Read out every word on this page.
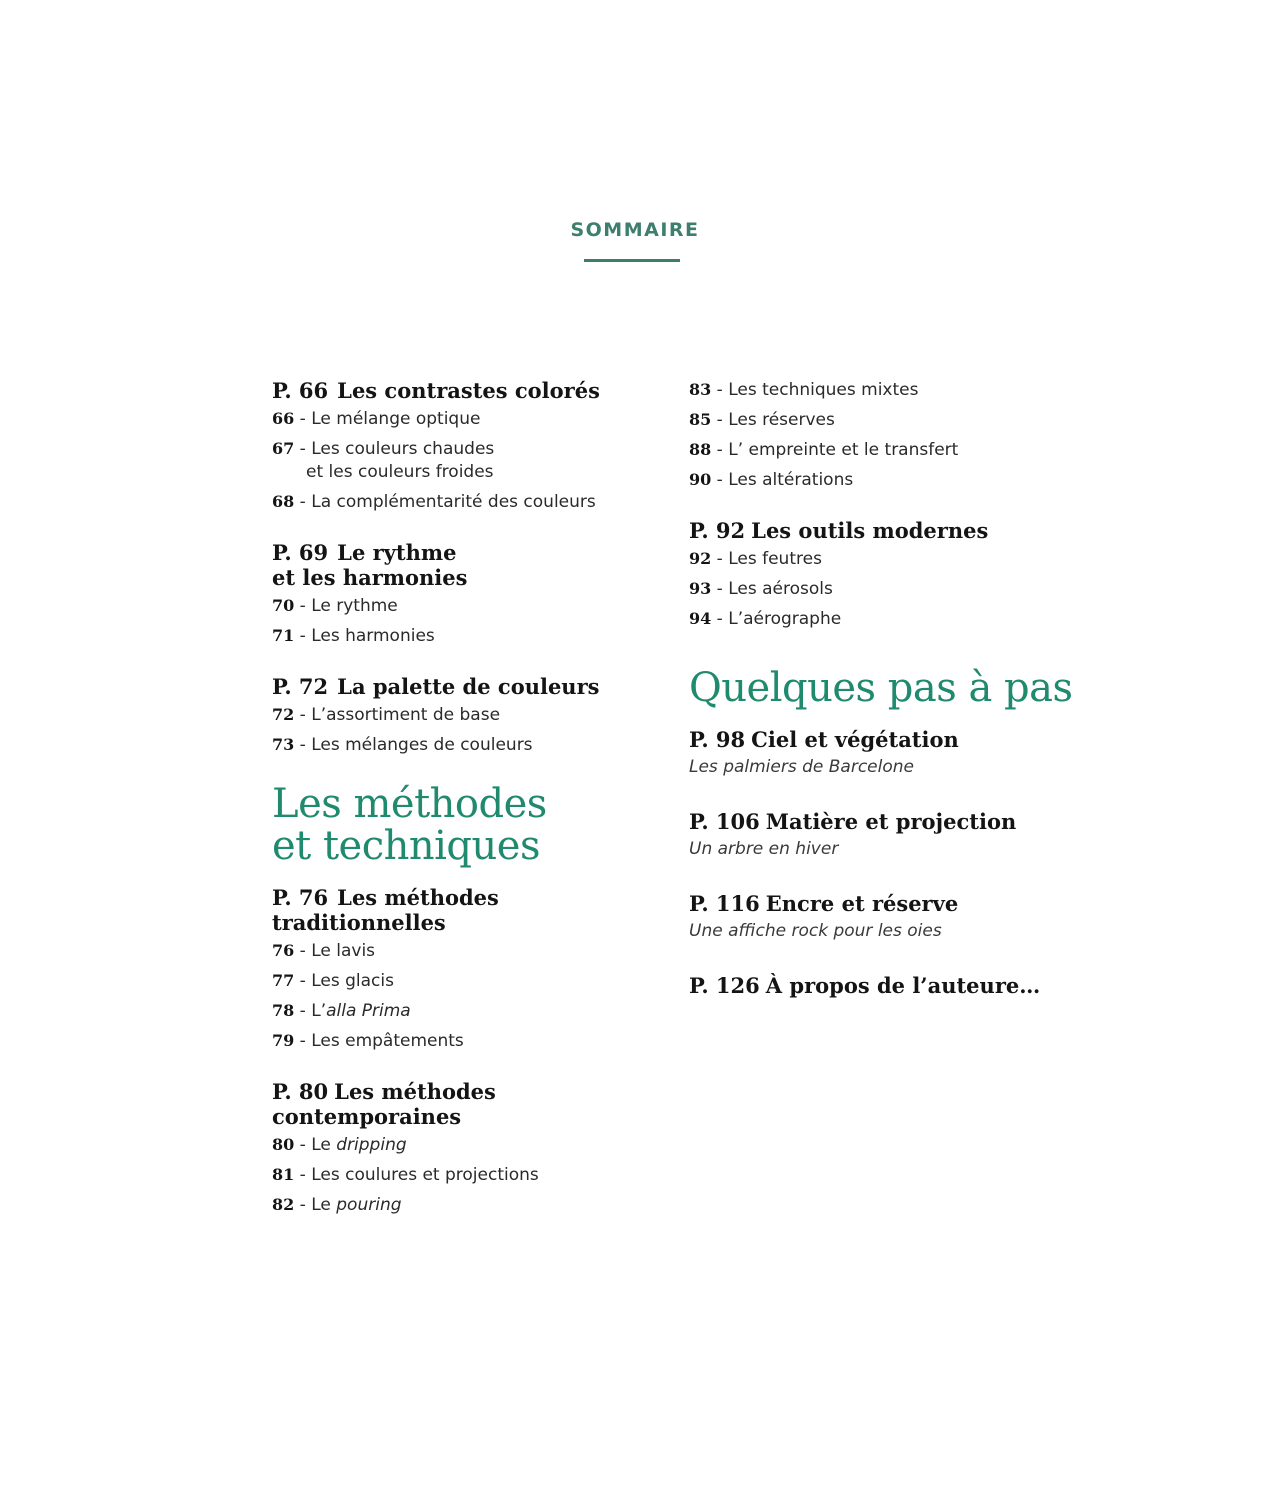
SOMMAIRE
P. 66 Les contrastes colorés
66 - Le mélange optique
67 - Les couleurs chaudes
et les couleurs froides
68 - La complémentarité des couleurs
P. 69 Le rythme
et les harmonies
70 - Le rythme
71 - Les harmonies
P. 72 La palette de couleurs
72 - L’assortiment de base
73 - Les mélanges de couleurs
Les méthodes
et techniques
P. 76 Les méthodes
traditionnelles
76 - Le lavis
77 - Les glacis
78 - L’alla Prima
79 - Les empâtements
P. 80 Les méthodes
contemporaines
80 - Le dripping
81 - Les coulures et projections
82 - Le pouring
83 - Les techniques mixtes
85 - Les réserves
88 - L’ empreinte et le transfert
90 - Les altérations
P. 92 Les outils modernes
92 - Les feutres
93 - Les aérosols
94 - L’aérographe
Quelques pas à pas
P. 98 Ciel et végétation
Les palmiers de Barcelone
P. 106 Matière et projection
Un arbre en hiver
P. 116 Encre et réserve
Une affiche rock pour les oies
P. 126 À propos de l’auteure…
